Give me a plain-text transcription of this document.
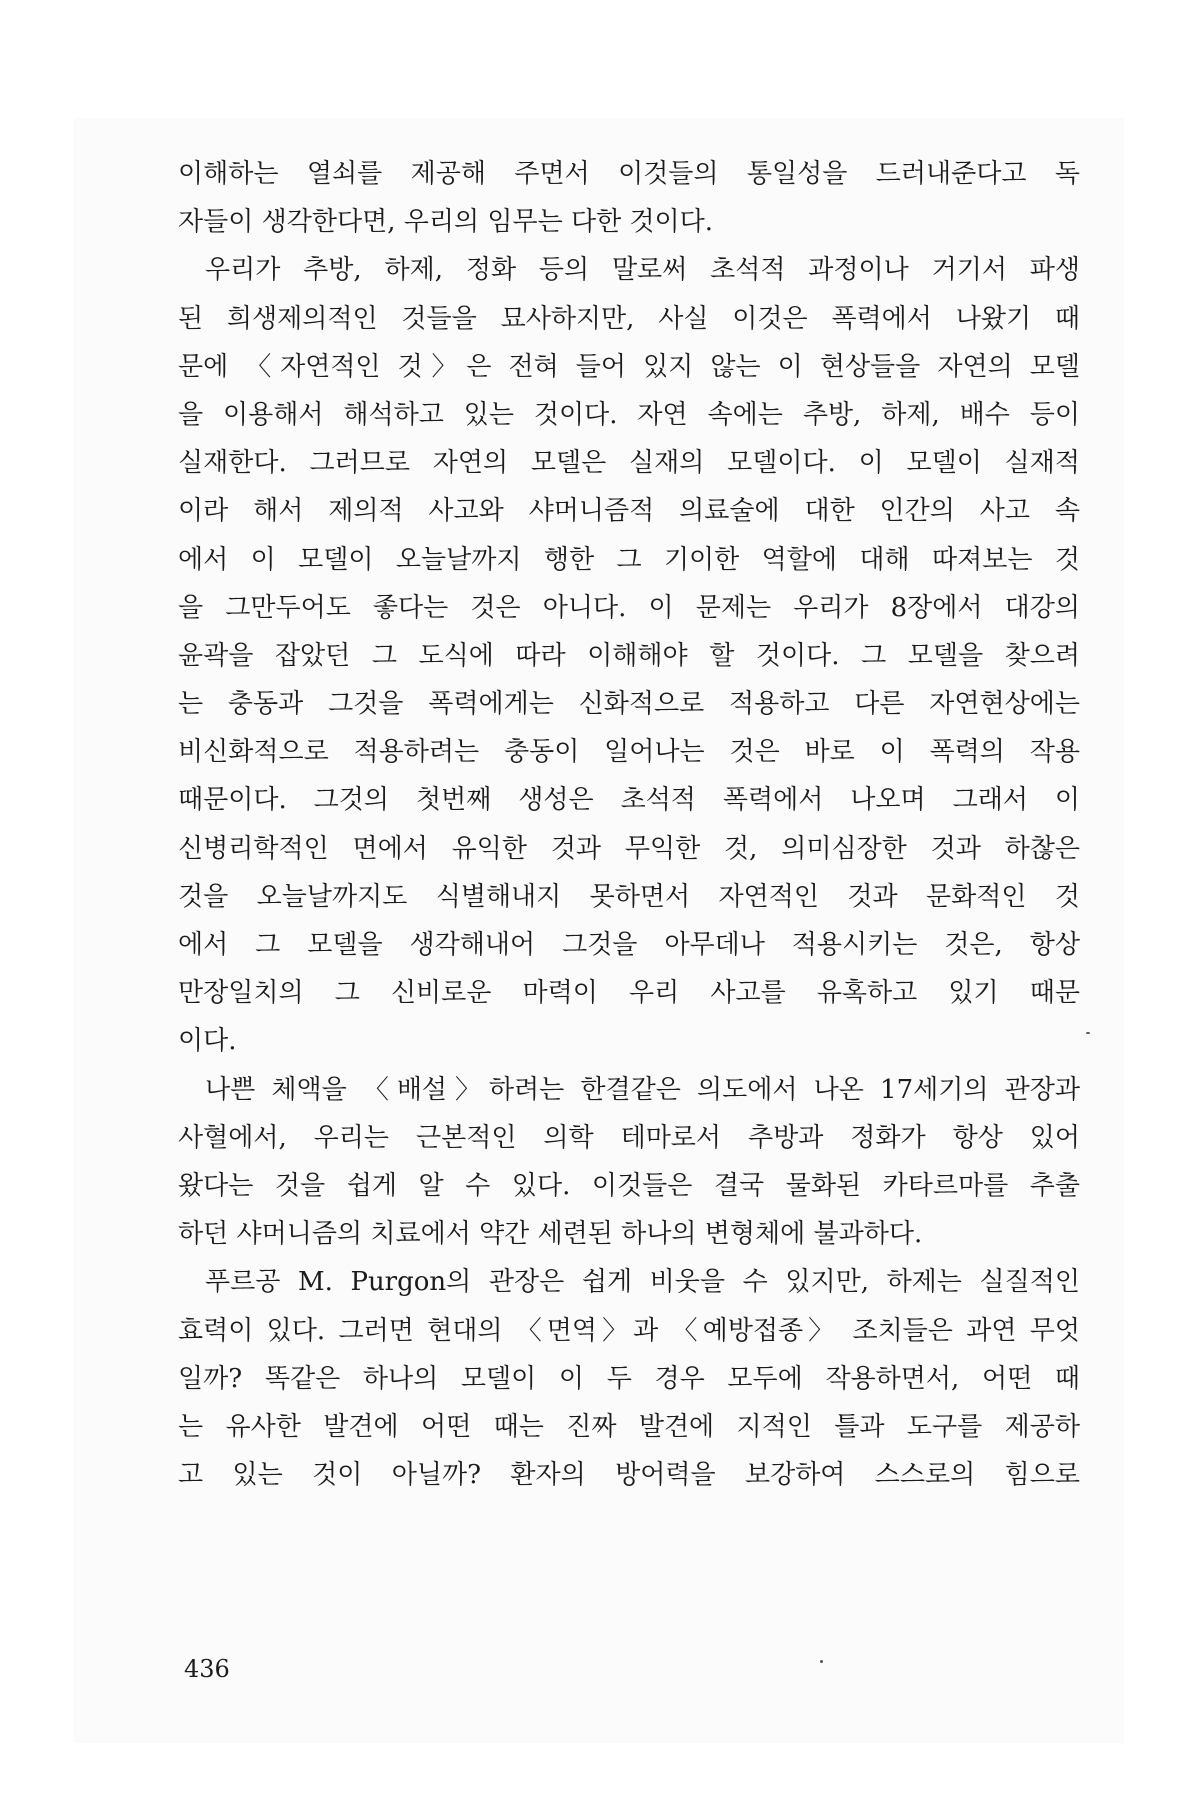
이해하는 열쇠를 제공해 주면서 이것들의 통일성을 드러내준다고 독
자들이 생각한다면, 우리의 임무는 다한 것이다.
우리가 추방, 하제, 정화 등의 말로써 초석적 과정이나 거기서 파생
된 희생제의적인 것들을 묘사하지만, 사실 이것은 폭력에서 나왔기 때
문에 〈자연적인 것〉은 전혀 들어 있지 않는 이 현상들을 자연의 모델
을 이용해서 해석하고 있는 것이다. 자연 속에는 추방, 하제, 배수 등이
실재한다. 그러므로 자연의 모델은 실재의 모델이다. 이 모델이 실재적
이라 해서 제의적 사고와 샤머니즘적 의료술에 대한 인간의 사고 속
에서 이 모델이 오늘날까지 행한 그 기이한 역할에 대해 따져보는 것
을 그만두어도 좋다는 것은 아니다. 이 문제는 우리가 8장에서 대강의
윤곽을 잡았던 그 도식에 따라 이해해야 할 것이다. 그 모델을 찾으려
는 충동과 그것을 폭력에게는 신화적으로 적용하고 다른 자연현상에는
비신화적으로 적용하려는 충동이 일어나는 것은 바로 이 폭력의 작용
때문이다. 그것의 첫번째 생성은 초석적 폭력에서 나오며 그래서 이
신병리학적인 면에서 유익한 것과 무익한 것, 의미심장한 것과 하찮은
것을 오늘날까지도 식별해내지 못하면서 자연적인 것과 문화적인 것
에서 그 모델을 생각해내어 그것을 아무데나 적용시키는 것은, 항상
만장일치의 그 신비로운 마력이 우리 사고를 유혹하고 있기 때문
이다.
나쁜 체액을 〈배설〉하려는 한결같은 의도에서 나온 17세기의 관장과
사혈에서, 우리는 근본적인 의학 테마로서 추방과 정화가 항상 있어
왔다는 것을 쉽게 알 수 있다. 이것들은 결국 물화된 카타르마를 추출
하던 샤머니즘의 치료에서 약간 세련된 하나의 변형체에 불과하다.
푸르공 M. Purgon의 관장은 쉽게 비웃을 수 있지만, 하제는 실질적인
효력이 있다. 그러면 현대의 〈면역〉과 〈예방접종〉 조치들은 과연 무엇
일까? 똑같은 하나의 모델이 이 두 경우 모두에 작용하면서, 어떤 때
는 유사한 발견에 어떤 때는 진짜 발견에 지적인 틀과 도구를 제공하
고 있는 것이 아닐까? 환자의 방어력을 보강하여 스스로의 힘으로
436
